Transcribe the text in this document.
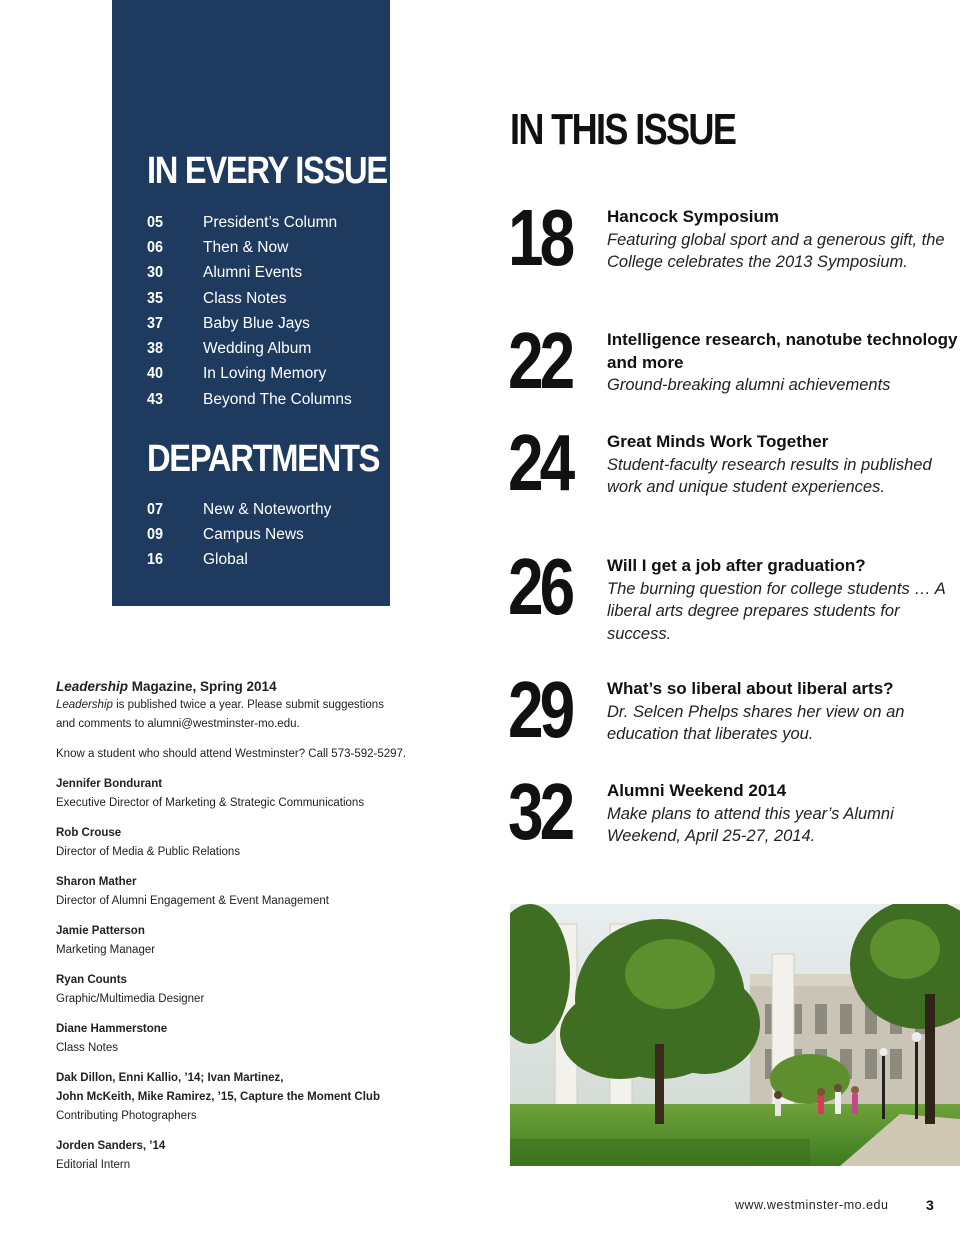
IN EVERY ISSUE
05	President’s Column
06	Then & Now
30	Alumni Events
35	Class Notes
37	Baby Blue Jays
38	Wedding Album
40	In Loving Memory
43	Beyond The Columns
DEPARTMENTS
07	New & Noteworthy
09	Campus News
16	Global
IN THIS ISSUE
18 Hancock Symposium
Featuring global sport and a generous gift, the College celebrates the 2013 Symposium.
22 Intelligence research, nanotube technology and more
Ground-breaking alumni achievements
24 Great Minds Work Together
Student-faculty research results in published work and unique student experiences.
26 Will I get a job after graduation?
The burning question for college students … A liberal arts degree prepares students for success.
29 What’s so liberal about liberal arts?
Dr. Selcen Phelps shares her view on an education that liberates you.
32 Alumni Weekend 2014
Make plans to attend this year’s Alumni Weekend, April 25-27, 2014.
Leadership Magazine, Spring 2014
Leadership is published twice a year. Please submit suggestions
and comments to alumni@westminster-mo.edu.
Know a student who should attend Westminster? Call 573-592-5297.
Jennifer Bondurant
Executive Director of Marketing & Strategic Communications
Rob Crouse
Director of Media & Public Relations
Sharon Mather
Director of Alumni Engagement & Event Management
Jamie Patterson
Marketing Manager
Ryan Counts
Graphic/Multimedia Designer
Diane Hammerstone
Class Notes
Dak Dillon, Enni Kallio, ’14; Ivan Martinez,
John McKeith, Mike Ramirez, ’15, Capture the Moment Club
Contributing Photographers
Jorden Sanders, ’14
Editorial Intern
www.westminster-mo.edu	3
